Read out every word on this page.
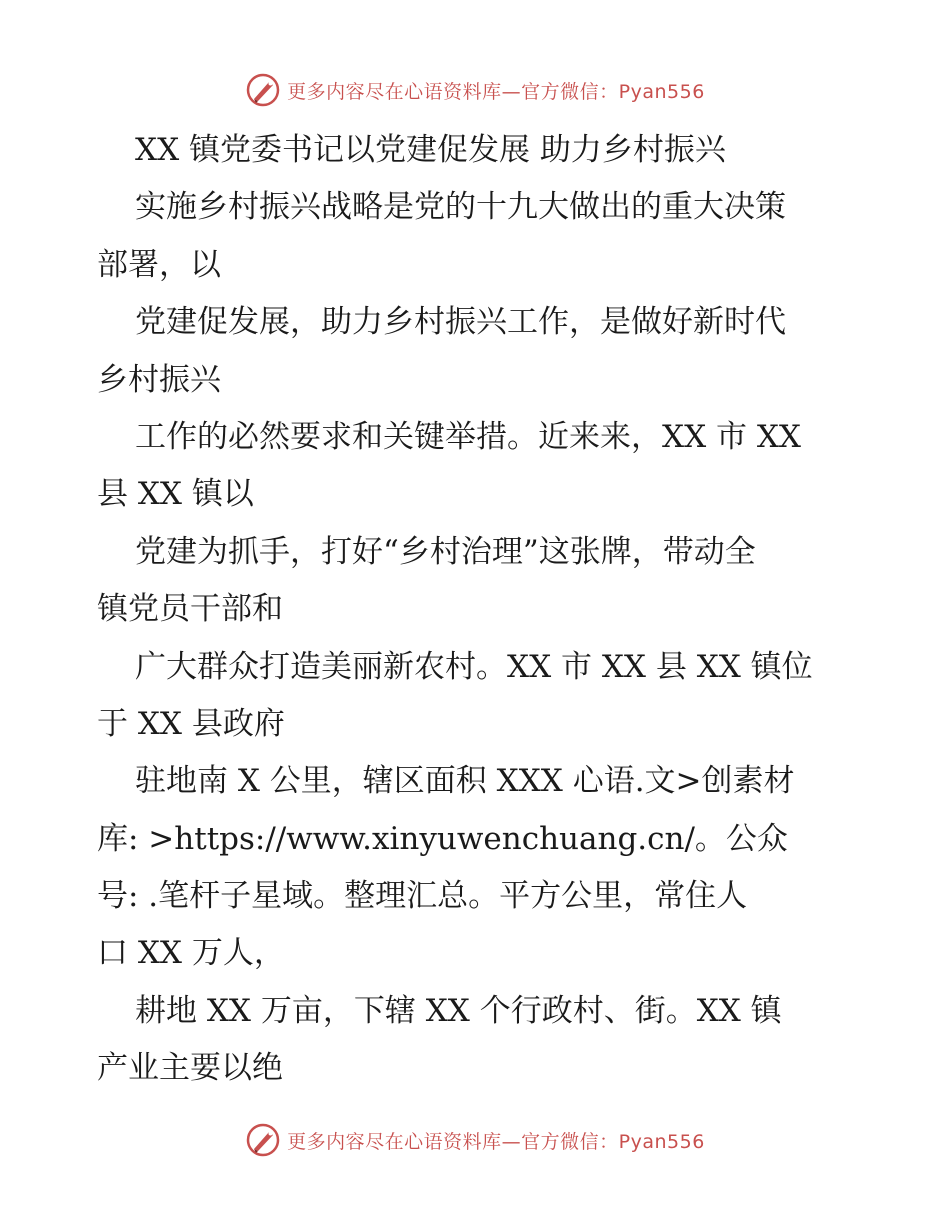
更多内容尽在心语资料库—官方微信：Pyan556
XX 镇党委书记以党建促发展 助力乡村振兴
实施乡村振兴战略是党的十九大做出的重大决策
部署，以
党建促发展，助力乡村振兴工作，是做好新时代
乡村振兴
工作的必然要求和关键举措。近来来，XX 市 XX
县 XX 镇以
党建为抓手，打好“乡村治理”这张牌，带动全
镇党员干部和
广大群众打造美丽新农村。XX 市 XX 县 XX 镇位
于 XX 县政府
驻地南 X 公里，辖区面积 XXX 心语.文>创素材
库: >https://www.xinyuwenchuang.cn/。公众
号: .笔杆子星域。整理汇总。平方公里，常住人
口 XX 万人，
耕地 XX 万亩，下辖 XX 个行政村、街。XX 镇
产业主要以绝
更多内容尽在心语资料库—官方微信：Pyan556
